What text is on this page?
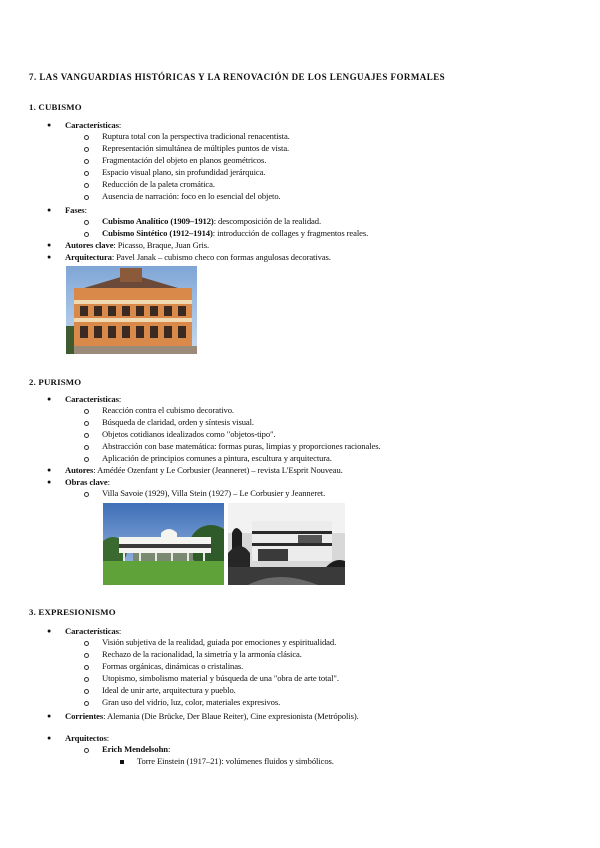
7. LAS VANGUARDIAS HISTÓRICAS Y LA RENOVACIÓN DE LOS LENGUAJES FORMALES
1. CUBISMO
● Características:
Ruptura total con la perspectiva tradicional renacentista.
Representación simultánea de múltiples puntos de vista.
Fragmentación del objeto en planos geométricos.
Espacio visual plano, sin profundidad jerárquica.
Reducción de la paleta cromática.
Ausencia de narración: foco en lo esencial del objeto.
● Fases:
Cubismo Analítico (1909–1912): descomposición de la realidad.
Cubismo Sintético (1912–1914): introducción de collages y fragmentos reales.
● Autores clave: Picasso, Braque, Juan Gris.
● Arquitectura: Pavel Janak – cubismo checo con formas angulosas decorativas.
2. PURISMO
● Características:
Reacción contra el cubismo decorativo.
Búsqueda de claridad, orden y síntesis visual.
Objetos cotidianos idealizados como "objetos-tipo".
Abstracción con base matemática: formas puras, limpias y proporciones racionales.
Aplicación de principios comunes a pintura, escultura y arquitectura.
● Autores: Amédée Ozenfant y Le Corbusier (Jeanneret) – revista L'Esprit Nouveau.
● Obras clave:
Villa Savoie (1929), Villa Stein (1927) – Le Corbusier y Jeanneret.
3. EXPRESIONISMO
● Características:
Visión subjetiva de la realidad, guiada por emociones y espiritualidad.
Rechazo de la racionalidad, la simetría y la armonía clásica.
Formas orgánicas, dinámicas o cristalinas.
Utopismo, simbolismo material y búsqueda de una "obra de arte total".
Ideal de unir arte, arquitectura y pueblo.
Gran uso del vidrio, luz, color, materiales expresivos.
● Corrientes: Alemania (Die Brücke, Der Blaue Reiter), Cine expresionista (Metrópolis).
● Arquitectos:
Erich Mendelsohn:
Torre Einstein (1917–21): volúmenes fluidos y simbólicos.
